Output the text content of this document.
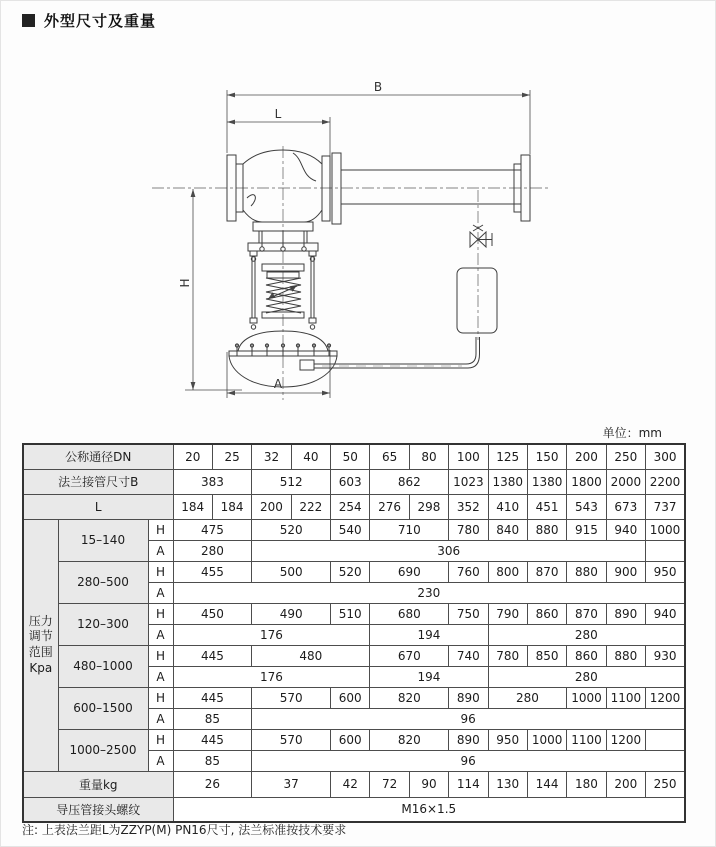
外型尺寸及重量
B
L
H
A
单位：mm
公称通径DN			20	25	32	40	50	65	80	100	125	150	200	250	300
法兰接管尺寸B			383		512		603	862		1023	1380	1380	1800	2000	2200
L			184	184	200	222	254	276	298	352	410	451	543	673	737

压力
调节
范围
Kpa	15–140	H	475		520		540	710		780	840	880	915	940	1000
		A	280		306										
	280–500	H	455		500		520	690		760	800	870	880	900	950
		A	230												
	120–300	H	450		490		510	680		750	790	860	870	890	940
		A	176					194			280				
	480–1000	H	445		480			670		740	780	850	860	880	930
		A	176					194			280				
	600–1500	H	445		570		600	820		890	280		1000	1100	1200
		A	85		96										
	1000–2500	H	445		570		600	820		890	950	1000	1100	1200	
		A	85		96										
重量kg			26		37		42	72	90	114	130	144	180	200	250
导压管接头螺纹			M16×1.5												
注: 上表法兰距L为ZZYP(M) PN16尺寸, 法兰标准按技术要求
